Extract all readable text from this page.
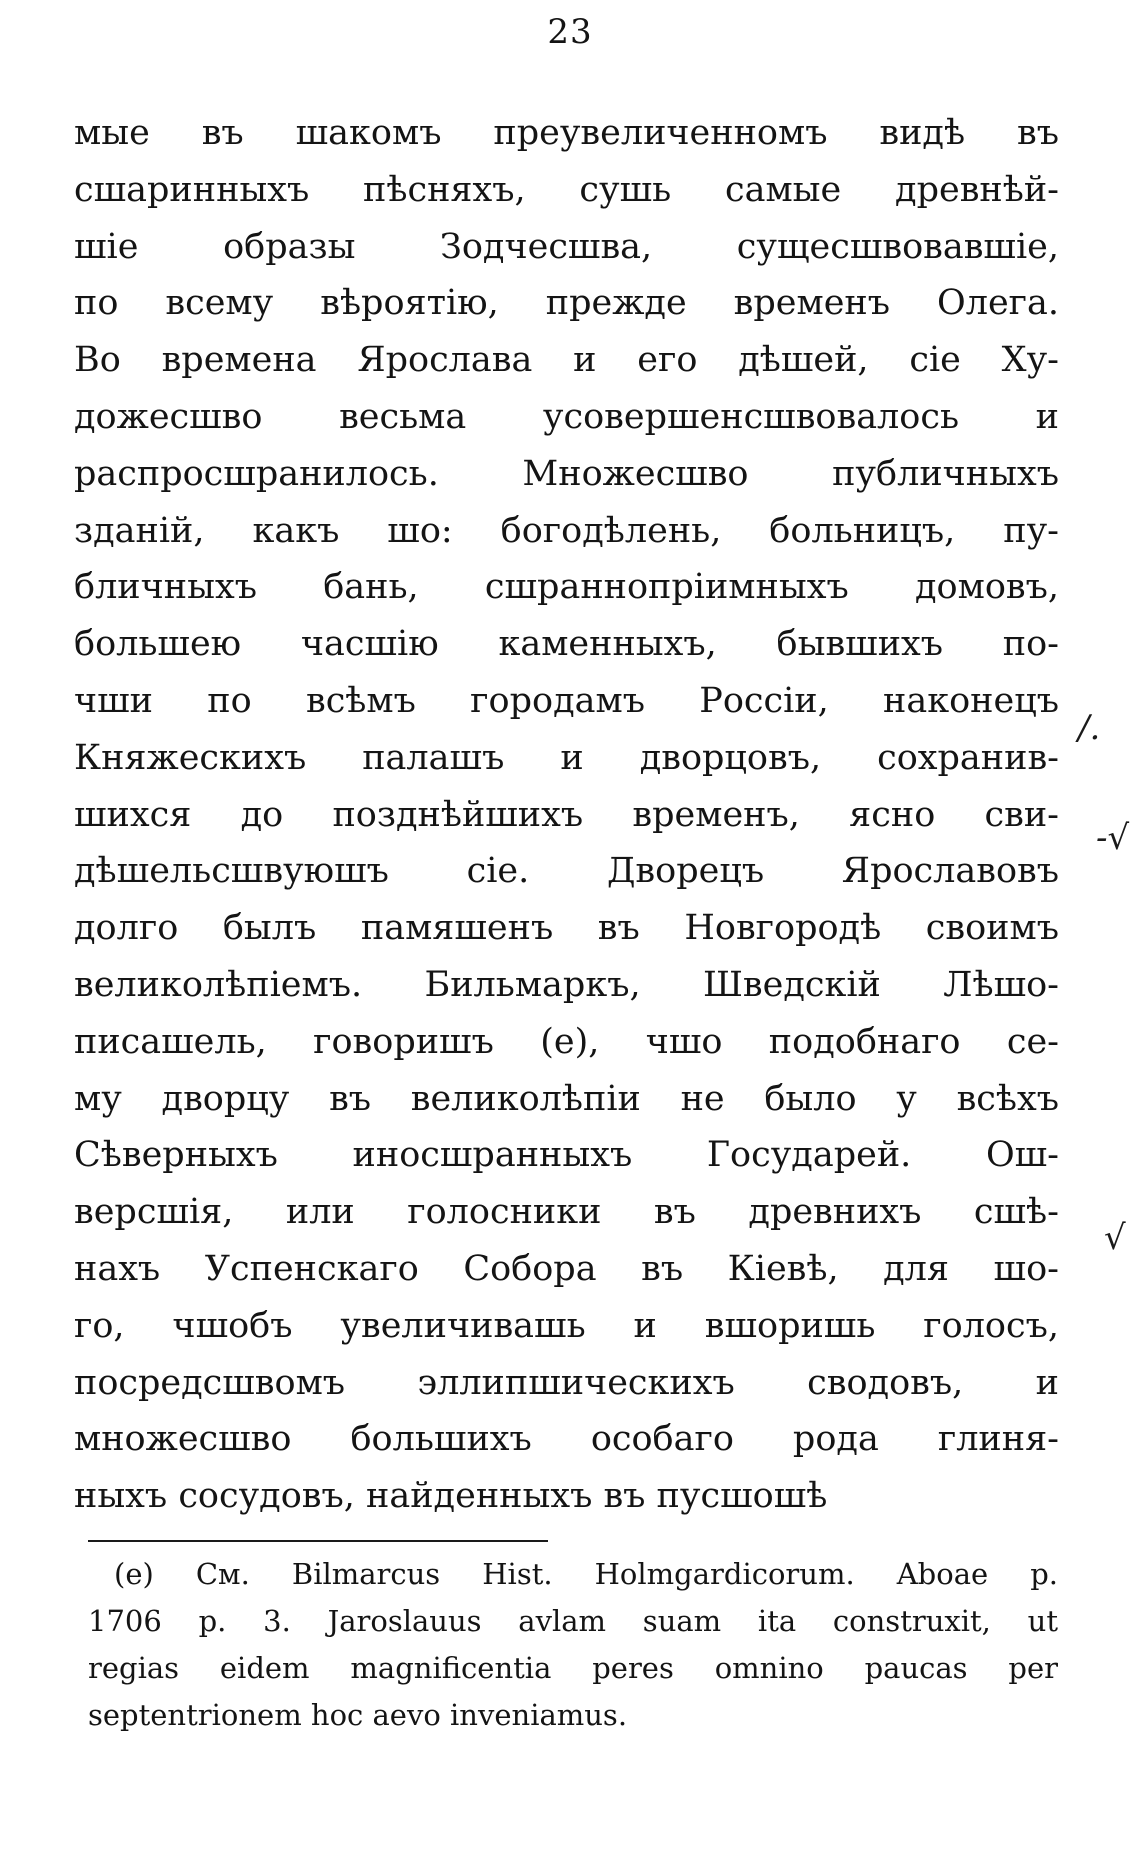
23
мые въ шакомъ преувеличенномъ видѣ въ
сшаринныхъ пѣсняхъ, сушь самые древнѣй-
шіе образы Зодчесшва, сущесшвовавшіе,
по всему вѣроятію, прежде временъ Олега.
Во времена Ярослава и его дѣшей, сіе Ху-
дожесшво весьма усовершенсшвовалось и
распросшранилось. Множесшво публичныхъ
зданій, какъ шо: богодѣлень, больницъ, пу-
бличныхъ бань, сшраннопріимныхъ домовъ,
большею часшію каменныхъ, бывшихъ по-
чши по всѣмъ городамъ Россіи, наконецъ
Княжескихъ палашъ и дворцовъ, сохранив-
шихся до позднѣйшихъ временъ, ясно сви-
дѣшельсшвуюшъ сіе. Дворецъ Ярославовъ
долго былъ памяшенъ въ Новгородѣ своимъ
великолѣпіемъ. Бильмаркъ, Шведскій Лѣшо-
писашель, говоришъ (е), чшо подобнаго се-
му дворцу въ великолѣпіи не было у всѣхъ
Сѣверныхъ иносшранныхъ Государей. Ош-
версшія, или голосники въ древнихъ сшѣ-
нахъ Успенскаго Собора въ Кіевѣ, для шо-
го, чшобъ увеличивашь и вшоришь голосъ,
посредсшвомъ эллипшическихъ сводовъ, и
множесшво большихъ особаго рода глиня-
ныхъ сосудовъ, найденныхъ въ пусшошѣ
(e) См. Bilmarcus Hist. Holmgardicorum. Aboae p.
1706 p. 3. Jaroslauus avlam suam ita construxit, ut
regias eidem magnificentia peres omnino paucas per
septentrionem hoc aevo inveniamus.
/.
-√
√
